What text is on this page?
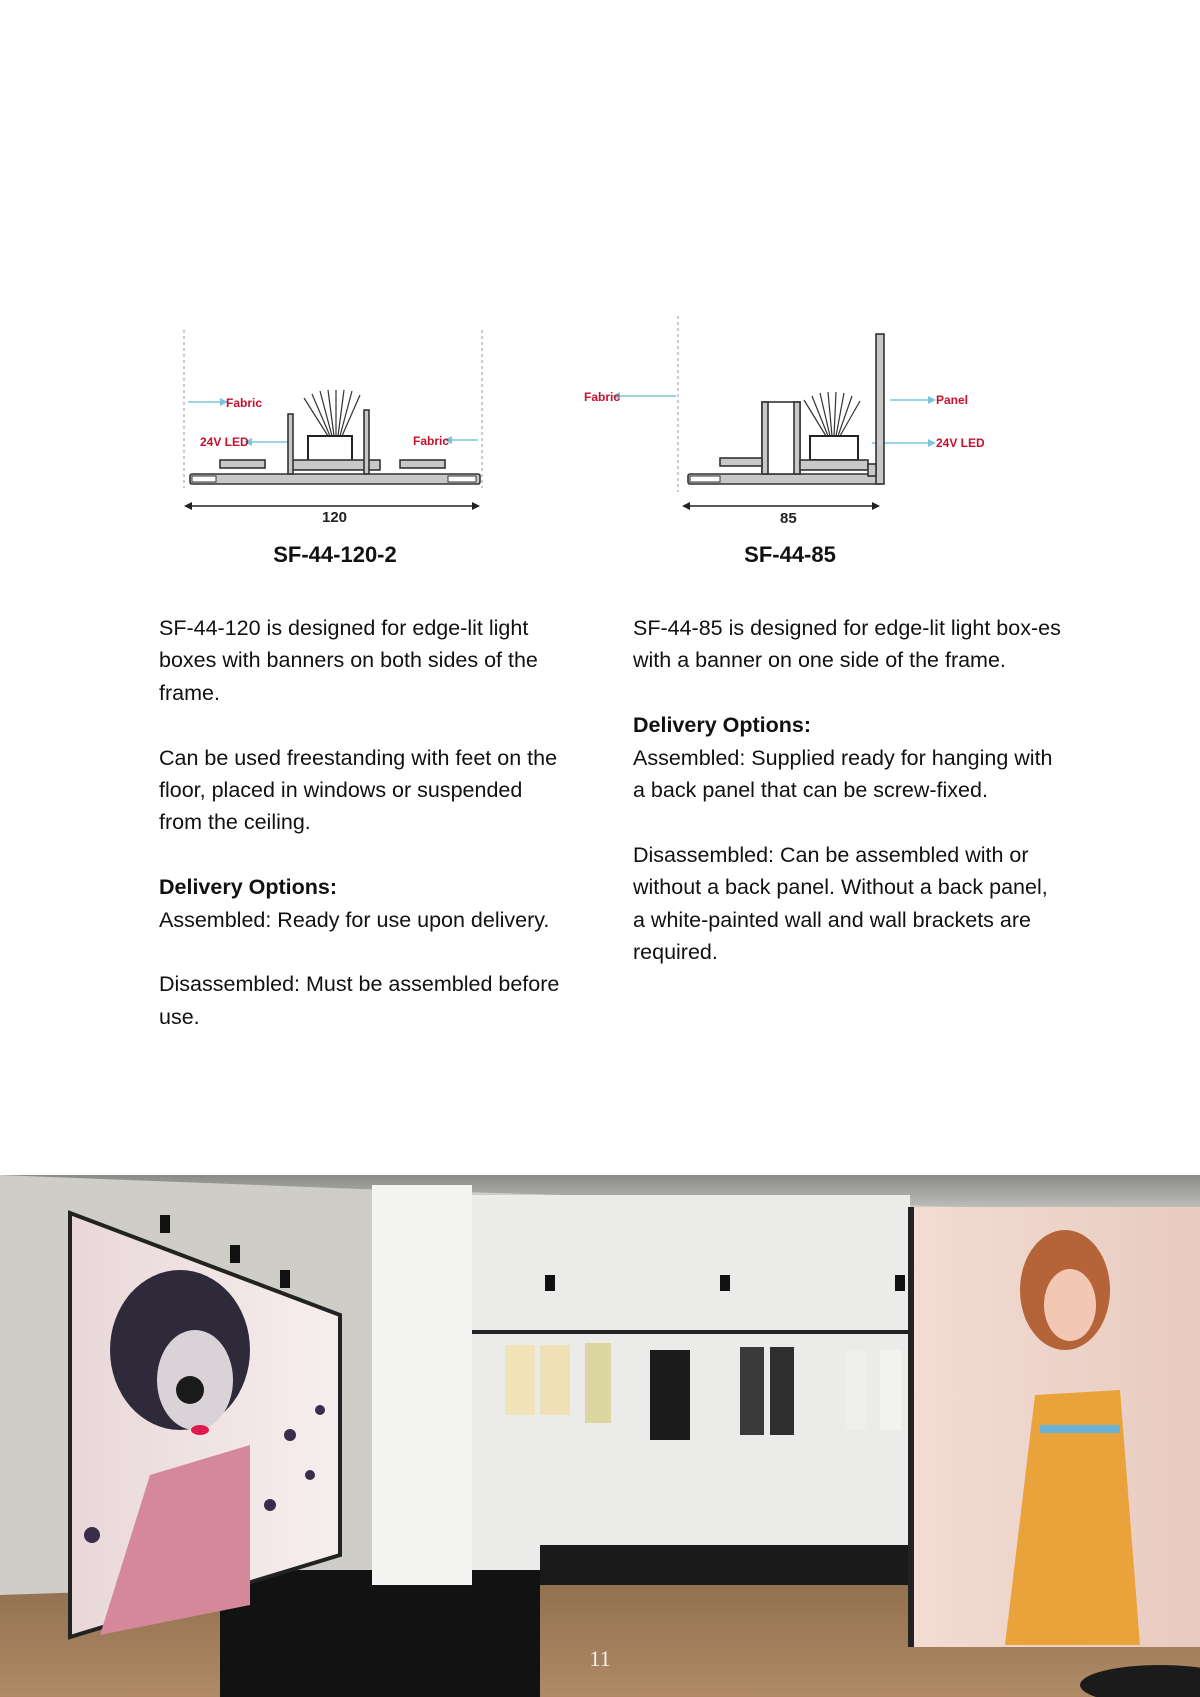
Fabric
24V LED	Fabric
120
Fabric	Panel
24V LED
85
SF-44-120-2	SF-44-85

SF-44-120 is designed for edge-lit light boxes with banners on both sides of the frame.

Can be used freestanding with feet on the floor, placed in windows or suspended from the ceiling.

Delivery Options:
Assembled: Ready for use upon delivery.

Disassembled: Must be assembled before use.

SF-44-85 is designed for edge-lit light box-es with a banner on one side of the frame.

Delivery Options:
Assembled: Supplied ready for hanging with a back panel that can be screw-fixed.

Disassembled: Can be assembled with or without a back panel. Without a back panel, a white-painted wall and wall brackets are required.

11
